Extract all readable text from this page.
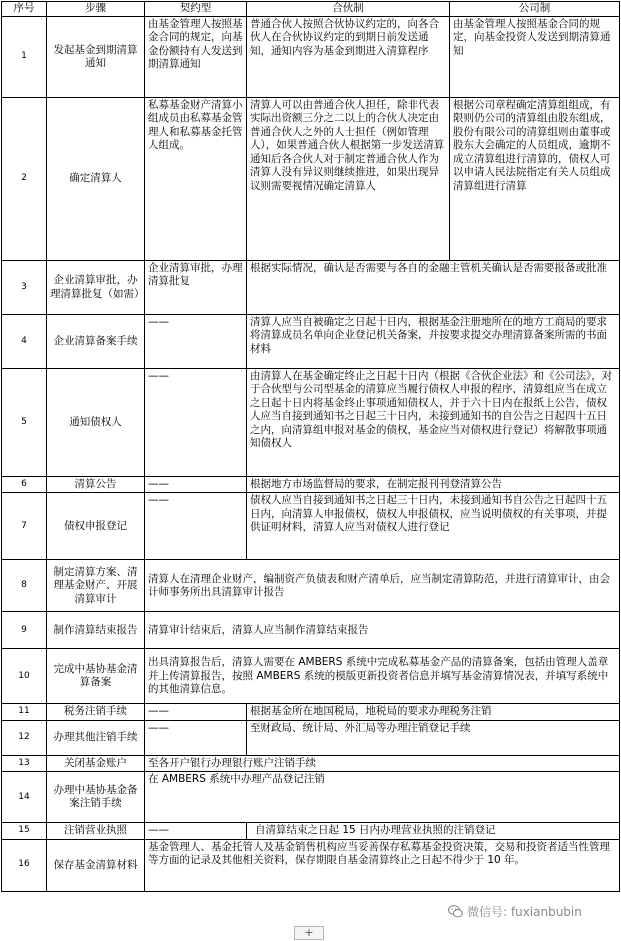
序号	步骤	契约型	合伙制	公司制
1	发起基金到期清算通知	由基金管理人按照基金合同的规定，向基金份额持有人发送到期清算通知	普通合伙人按照合伙协议约定的，向各合伙人在合伙协议约定的到期日前发送通知，通知内容为基金到期进入清算程序	由基金管理人按照基金合同的规定，向基金投资人发送到期清算通知
2	确定清算人	私募基金财产清算小组成员由私募基金管理人和私募基金托管人组成。	清算人可以由普通合伙人担任，除非代表实际出资额三分之二以上的合伙人决定由普通合伙人之外的人士担任（例如管理人），如果普通合伙人根据第一步发送清算通知后各合伙人对于制定普通合伙人作为清算人没有异议则继续推进，如果出现异议则需要视情况确定清算人	根据公司章程确定清算组组成，有限则仍公司的清算组由股东组成，股份有限公司的清算组则由董事或股东大会确定的人员组成，逾期不成立清算组进行清算的，债权人可以申请人民法院指定有关人员组成清算组进行清算
3	企业清算审批，办理清算批复（如需）	企业清算审批，办理清算批复	根据实际情况，确认是否需要与各自的金融主管机关确认是否需要报备或批准	
4	企业清算备案手续	——	清算人应当自被确定之日起十日内，根据基金注册地所在的地方工商局的要求将清算成员名单向企业登记机关备案，并按要求提交办理清算备案所需的书面材料	
5	通知债权人	——	由清算人在基金确定终止之日起十日内（根据《合伙企业法》和《公司法》，对于合伙型与公司型基金的清算应当履行债权人申报的程序，清算组应当在成立之日起十日内将基金终止事项通知债权人，并于六十日内在报纸上公告，债权人应当自接到通知书之日起三十日内，未接到通知书的自公告之日起四十五日之内，向清算组申报对基金的债权，基金应当对债权进行登记）将解散事项通知债权人	
6	清算公告	——	根据地方市场监督局的要求，在制定报刊刊登清算公告	
7	债权申报登记	——	债权人应当自接到通知书之日起三十日内，未接到通知书自公告之日起四十五日内，向清算人申报债权，债权人申报债权，应当说明债权的有关事项，并提供证明材料，清算人应当对债权人进行登记	
8	制定清算方案、清理基金财产、开展清算审计	清算人在清理企业财产，编制资产负债表和财产清单后，应当制定清算防范，并进行清算审计，由会计师事务所出具清算审计报告		
9	制作清算结束报告	清算审计结束后，清算人应当制作清算结束报告		
10	完成中基协基金清算备案	出具清算报告后，清算人需要在 AMBERS 系统中完成私募基金产品的清算备案，包括由管理人盖章并上传清算报告，按照 AMBERS 系统的模版更新投资者信息并填写基金清算情况表，并填写系统中的其他清算信息。		
11	税务注销手续	——	根据基金所在地国税局，地税局的要求办理税务注销	
12	办理其他注销手续	——	至财政局、统计局、外汇局等办理注销登记手续	
13	关闭基金账户	至各开户银行办理银行账户注销手续		
14	办理中基协基金备案注销手续	在 AMBERS 系统中办理产品登记注销		
15	注销营业执照	——	自清算结束之日起 15 日内办理营业执照的注销登记	
16	保存基金清算材料	基金管理人、基金托管人及基金销售机构应当妥善保存私募基金投资决策，交易和投资者适当性管理等方面的记录及其他相关资料，保存期限自基金清算终止之日起不得少于 10 年。		
微信号: fuxianbubin
+
